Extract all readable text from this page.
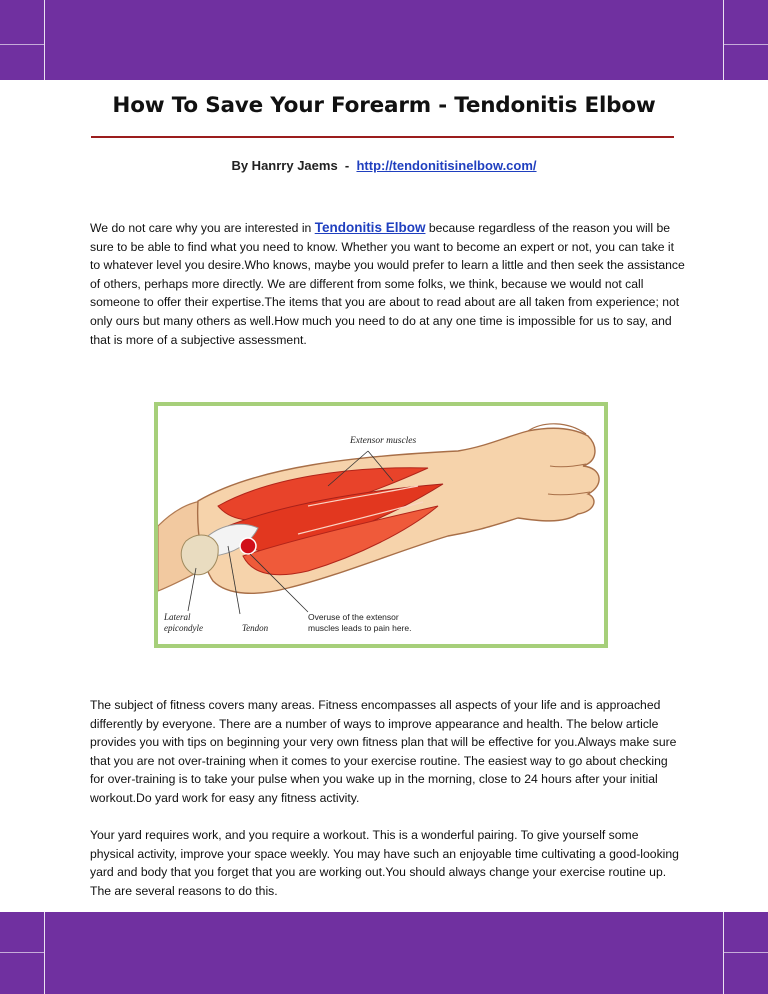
How To Save Your Forearm - Tendonitis Elbow
By Hanrry Jaems  -  http://tendonitisinelbow.com/

We do not care why you are interested in Tendonitis Elbow because regardless of the reason you will be sure to be able to find what you need to know. Whether you want to become an expert or not, you can take it to whatever level you desire.Who knows, maybe you would prefer to learn a little and then seek the assistance of others, perhaps more directly. We are different from some folks, we think, because we would not call someone to offer their expertise.The items that you are about to read about are all taken from experience; not only ours but many others as well.How much you need to do at any one time is impossible for us to say, and that is more of a subjective assessment.

Extensor muscles
Lateral
epicondyle	Tendon
Overuse of the extensor
muscles leads to pain here.

The subject of fitness covers many areas. Fitness encompasses all aspects of your life and is approached differently by everyone. There are a number of ways to improve appearance and health. The below article provides you with tips on beginning your very own fitness plan that will be effective for you.Always make sure that you are not over-training when it comes to your exercise routine. The easiest way to go about checking for over-training is to take your pulse when you wake up in the morning, close to 24 hours after your initial workout.Do yard work for easy any fitness activity.

Your yard requires work, and you require a workout. This is a wonderful pairing. To give yourself some physical activity, improve your space weekly. You may have such an enjoyable time cultivating a good-looking yard and body that you forget that you are working out.You should always change your exercise routine up. The are several reasons to do this.
